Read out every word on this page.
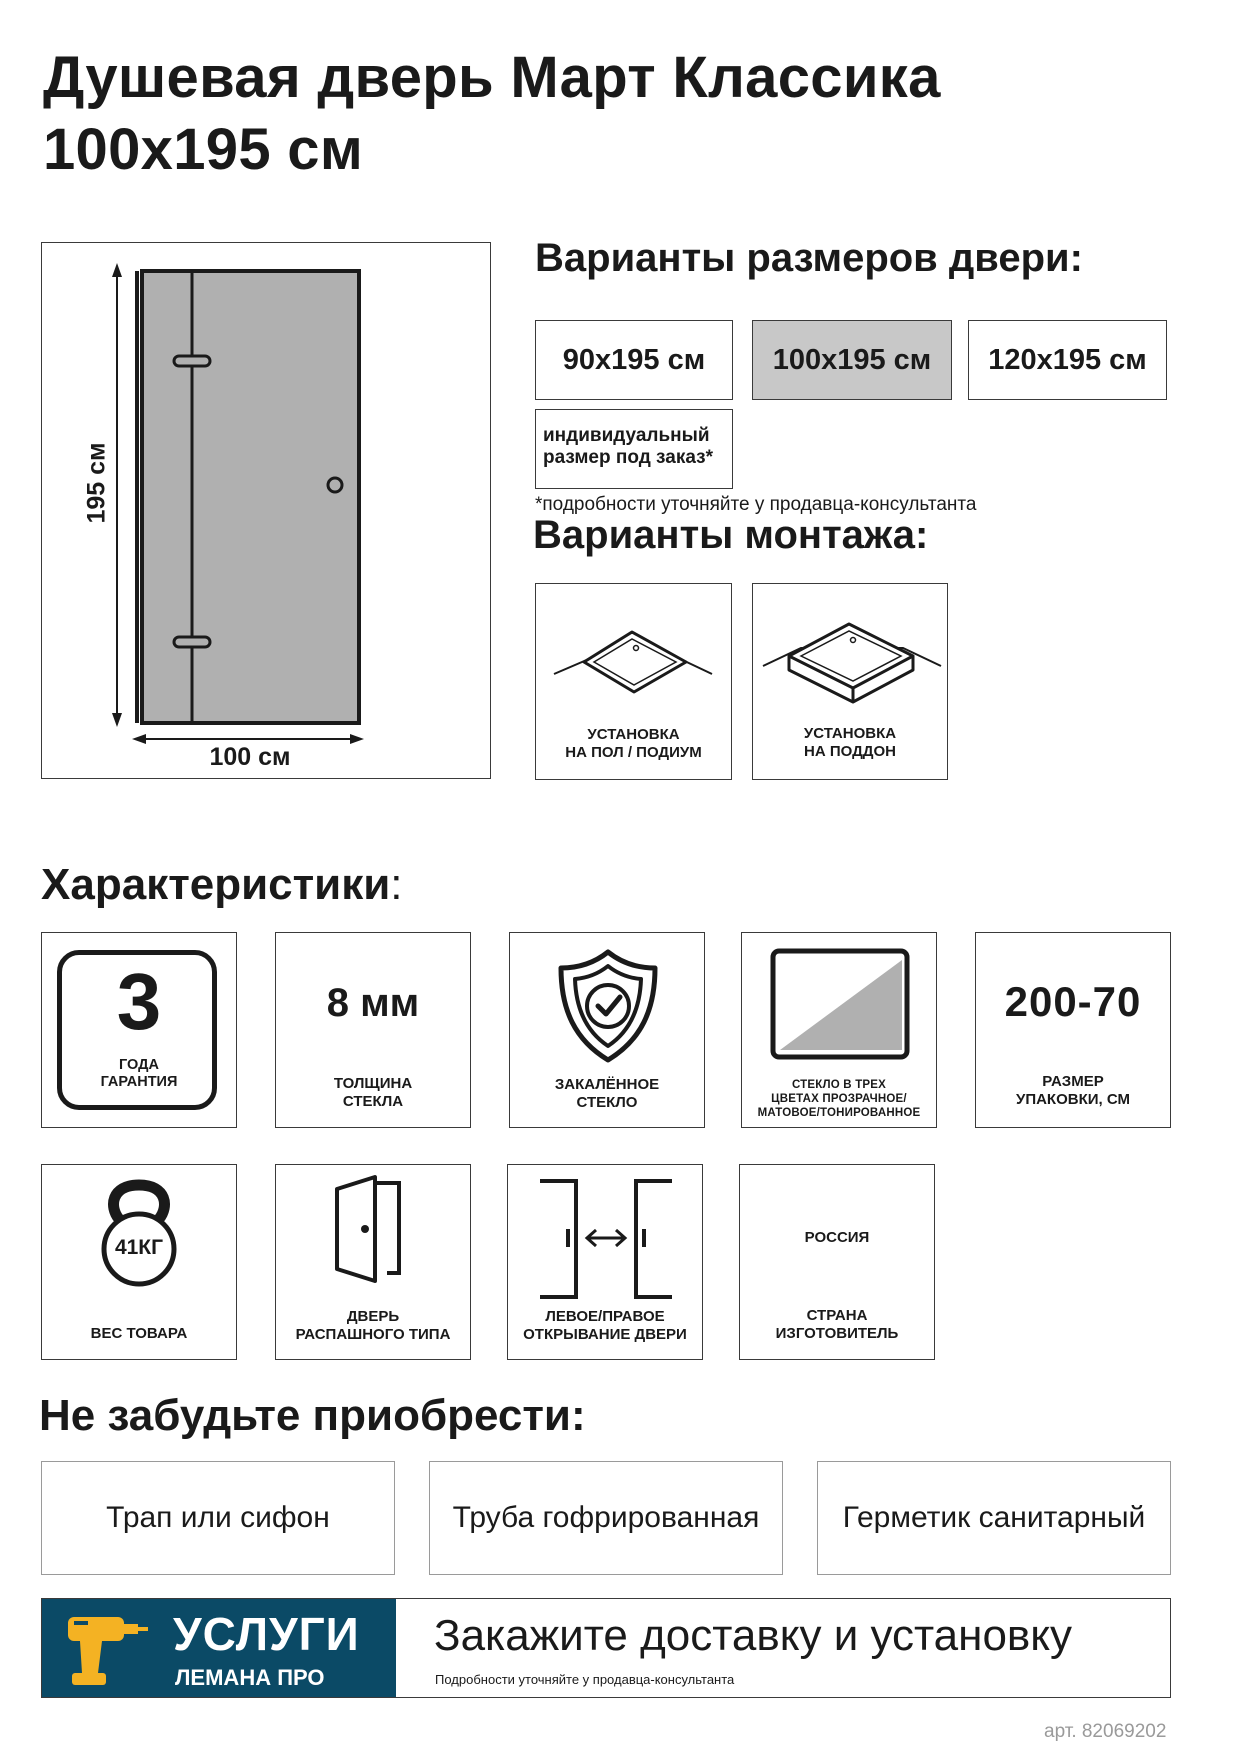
Душевая дверь Март Классика
100x195 см
195 см
100 см
Варианты размеров двери:
90x195 см	100x195 см	120x195 см
индивидуальный
размер под заказ*
*подробности уточняйте у продавца-консультанта
Варианты монтажа:
УСТАНОВКА
НА ПОЛ / ПОДИУМ
УСТАНОВКА
НА ПОДДОН
Характеристики:
3
ГОДА
ГАРАНТИЯ
8 мм
ТОЛЩИНА
СТЕКЛА
ЗАКАЛЁННОЕ
СТЕКЛО
СТЕКЛО В ТРЕХ
ЦВЕТАХ ПРОЗРАЧНОЕ/
МАТОВОЕ/ТОНИРОВАННОЕ
200-70
РАЗМЕР
УПАКОВКИ, СМ
41КГ
ВЕС ТОВАРА
ДВЕРЬ
РАСПАШНОГО ТИПА
ЛЕВОЕ/ПРАВОЕ
ОТКРЫВАНИЕ ДВЕРИ
РОССИЯ
СТРАНА
ИЗГОТОВИТЕЛЬ
Не забудьте приобрести:
Трап или сифон	Труба гофрированная	Герметик санитарный
УСЛУГИ
ЛЕМАНА ПРО
Закажите доставку и установку
Подробности уточняйте у продавца-консультанта
арт. 82069202
